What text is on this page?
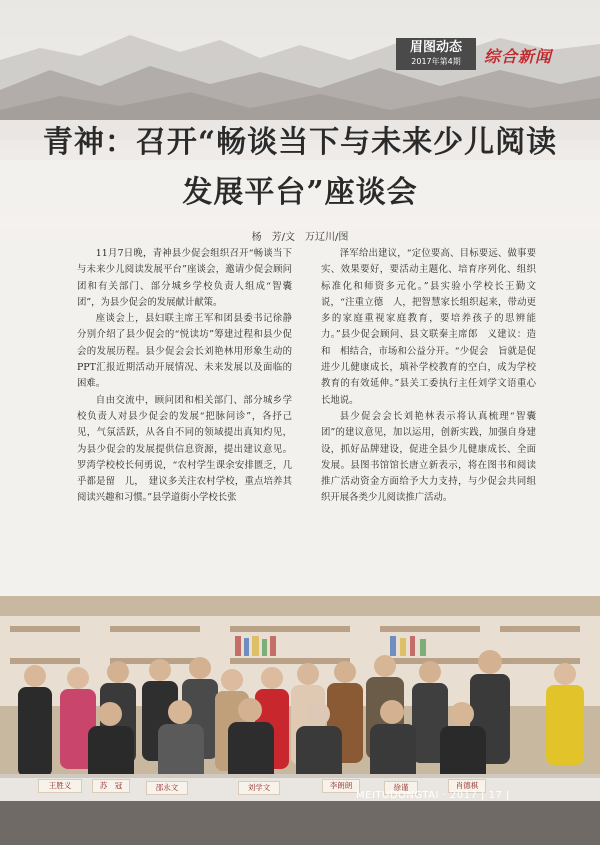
眉图动态
2017年第4期	综合新闻
青神：召开“畅谈当下与未来少儿阅读
发展平台”座谈会
杨　芳/文　万辽川/图

11月7日晚，青神县少促会组织召开“畅谈当下与未来少儿阅读发展平台”座谈会，邀请少促会顾问团和有关部门、部分城乡学校负责人组成“智囊团”，为县少促会的发展献计献策。

座谈会上，县妇联主席王军和团县委书记徐静分别介绍了县少促会的“悦读坊”筹建过程和县少促会的发展历程。县少促会会长刘艳林用形象生动的PPT汇报近期活动开展情况、未来发展以及面临的困难。

自由交流中，顾问团和相关部门、部分城乡学校负责人对县少促会的发展“把脉问诊”，各抒己见，气氛活跃，从各自不同的领域提出真知灼见，为县少促会的发展提供信息资源，提出建议意见。罗湾学校校长何勇说，“农村学生课余安排匮乏，几乎都是留　儿，　建议多关注农村学校，重点培养其阅读兴趣和习惯。”县学道街小学校长张

泽军给出建议，“定位要高、目标要远、做事要实、效果要好，要活动主题化、培育序列化、组织标准化和师资多元化。”县实验小学校长王勤文说，“注重立德　人，把智慧家长组织起来，带动更多的家庭重视家庭教育，要培养孩子的思辨能力。”县少促会顾问、县文联秦主席郎　义建议：造和　相结合，市场和公益分开。“少促会　旨就是促进少儿健康成长，填补学校教育的空白，成为学校教育的有效延伸。”县关工委执行主任刘学文语重心长地说。

县少促会会长刘艳林表示将认真梳理“智囊团”的建议意见，加以运用，创新实践，加强自身建设，抓好品牌建设，促进全县少儿健康成长、全面发展。县图书馆馆长唐立新表示，将在图书和阅读推广活动资金方面给予大力支持，与少促会共同组织开展各类少儿阅读推广活动。

王胜义	苏　冠	邵永文	刘学文	李朗朗	徐谨	肖德棋
MEITUDONGTAI · 2017 | 17 |
